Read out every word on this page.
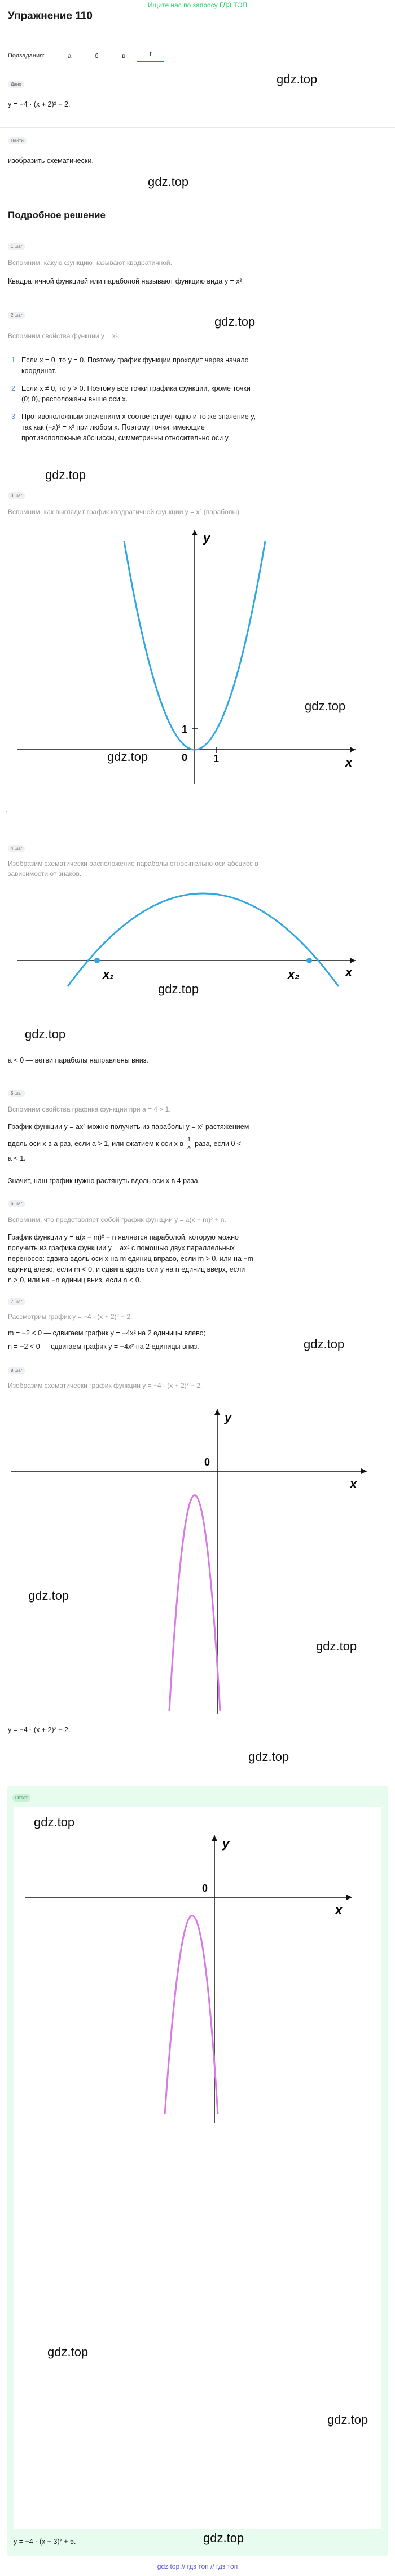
Ищите нас по запросу ГДЗ ТОП
Упражнение 110
Подзадания:	а	б	в	г
Дано
y = −4 · (x + 2)² − 2.
gdz.top
Найти
изобразить схематически.
gdz.top
Подробное решение
1 шаг
Вспомним, какую функцию называют квадратичной.
Квадратичной функцией или параболой называют функцию вида y = x².
gdz.top
2 шаг
Вспомним свойства функции y = x².
1 Если x = 0, то y = 0. Поэтому график функции проходит через начало
координат.
2 Если x ≠ 0, то y > 0. Поэтому все точки графика функции, кроме точки
(0; 0), расположены выше оси x.
3 Противоположным значениям x соответствует одно и то же значение y,
так как (−x)² = x² при любом x. Поэтому точки, имеющие
противоположные абсциссы, симметричны относительно оси y.
3 шаг
gdz.top
Вспомним, как выглядит график квадратичной функции y = x² (параболы).
y
x
0	1
1
gdz.top
gdz.top
.
4 шаг
Изобразим схематически расположение параболы относительно оси абсцисс в
зависимости от знаков.
x₁	x₂	x
gdz.top
gdz.top
a < 0 — ветви параболы направлены вниз.
5 шаг
Вспомним свойства графика функции при a = 4 > 1.
График функции y = ax² можно получить из параболы y = x² растяжением
вдоль оси x в a раз, если a > 1, или сжатием к оси x в 1
a раза, если 0 <
a < 1.
Значит, наш график нужно растянуть вдоль оси x в 4 раза.
6 шаг
Вспомним, что представляет собой график функции y = a(x − m)² + n.
График функции y = a(x − m)² + n является параболой, которую можно
получить из графика функции y = ax² с помощью двух параллельных
переносов: сдвига вдоль оси x на m единиц вправо, если m > 0, или на −m
единиц влево, если m < 0, и сдвига вдоль оси y на n единиц вверх, если
n > 0, или на −n единиц вниз, если n < 0.
7 шаг
Рассмотрим график y = −4 · (x + 2)² − 2.
m = −2 < 0 — сдвигаем график y = −4x² на 2 единицы влево;
n = −2 < 0 — сдвигаем график y = −4x² на 2 единицы вниз.	gdz.top
8 шаг
Изобразим схематически график функции y = −4 · (x + 2)² − 2.
y
x
0
gdz.top
gdz.top
y = −4 · (x + 2)² − 2.
gdz.top
Ответ
y
x
0
gdz.top
gdz.top
gdz.top
gdz.top
y = −4 · (x − 3)² + 5.
gdz top // гдз топ // гдз топ
